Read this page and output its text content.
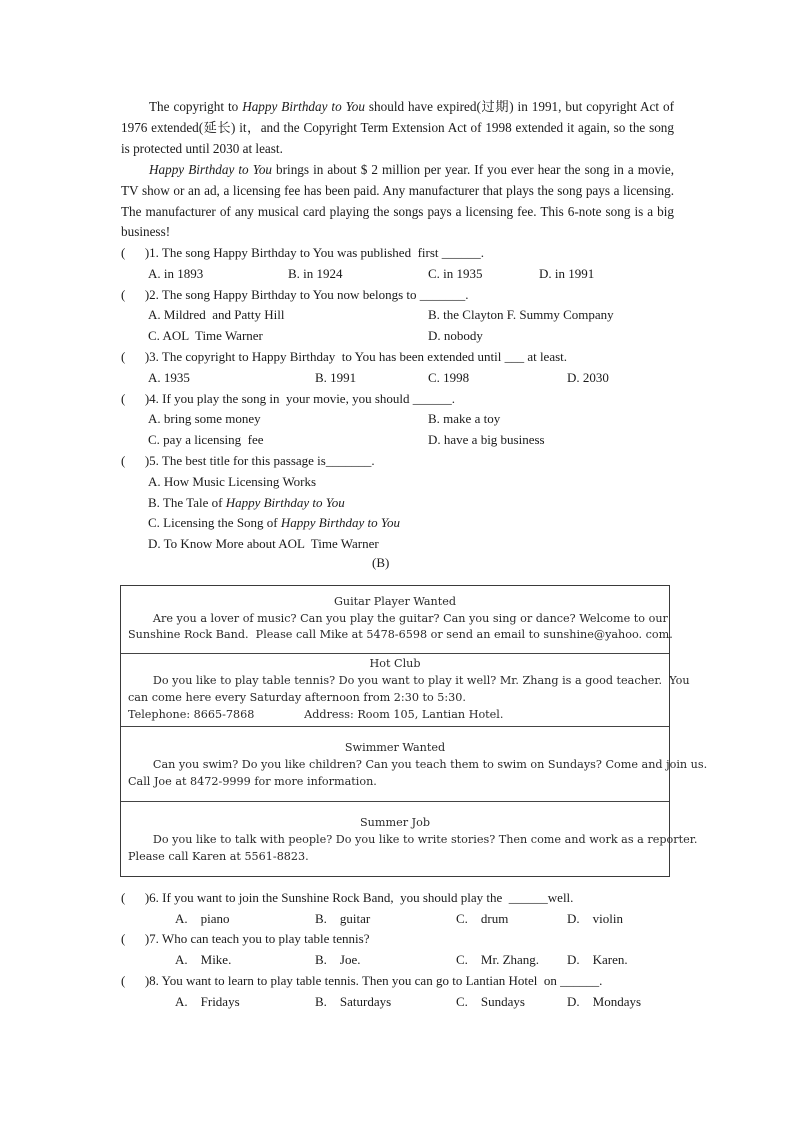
The copyright to Happy Birthday to You should have expired(过期) in 1991, but copyright Act of 1976 extended(延长) it，and the Copyright Term Extension Act of 1998 extended it again, so the song is protected until 2030 at least.

Happy Birthday to You brings in about $ 2 million per year. If you ever hear the song in a movie, TV show or an ad, a licensing fee has been paid. Any manufacturer that plays the song pays a licensing. The manufacturer of any musical card playing the songs pays a licensing fee. This 6-note song is a big business!

(      )1. The song Happy Birthday to You was published  first ______.
A. in 1893	B. in 1924	C. in 1935	D. in 1991
(      )2. The song Happy Birthday to You now belongs to _______.
A. Mildred  and Patty Hill	B. the Clayton F. Summy Company
C. AOL  Time Warner	D. nobody
(      )3. The copyright to Happy Birthday  to You has been extended until ___ at least.
A. 1935	B. 1991	C. 1998	D. 2030
(      )4. If you play the song in  your movie, you should ______.
A. bring some money	B. make a toy
C. pay a licensing  fee	D. have a big business
(      )5. The best title for this passage is_______.
A. How Music Licensing Works
B. The Tale of Happy Birthday to You
C. Licensing the Song of Happy Birthday to You
D. To Know More about AOL  Time Warner
(B)
Guitar Player Wanted
Are you a lover of music? Can you play the guitar? Can you sing or dance? Welcome to our
Sunshine Rock Band.  Please call Mike at 5478-6598 or send an email to sunshine@yahoo. com.
Hot Club
Do you like to play table tennis? Do you want to play it well? Mr. Zhang is a good teacher.  You
can come here every Saturday afternoon from 2:30 to 5:30.
Telephone: 8665-7868              Address: Room 105, Lantian Hotel.
Swimmer Wanted
Can you swim? Do you like children? Can you teach them to swim on Sundays? Come and join us.
Call Joe at 8472-9999 for more information.
Summer Job
Do you like to talk with people? Do you like to write stories? Then come and work as a reporter.
Please call Karen at 5561-8823.
(      )6. If you want to join the Sunshine Rock Band,  you should play the  ______well.
A.    piano	B.    guitar	C.    drum	D.    violin
(      )7. Who can teach you to play table tennis?
A.    Mike.	B.    Joe.	C.    Mr. Zhang. D.    Karen.
(      )8. You want to learn to play table tennis. Then you can go to Lantian Hotel  on ______.
A.    Fridays	B.    Saturdays	C.    Sundays	D.    Mondays
